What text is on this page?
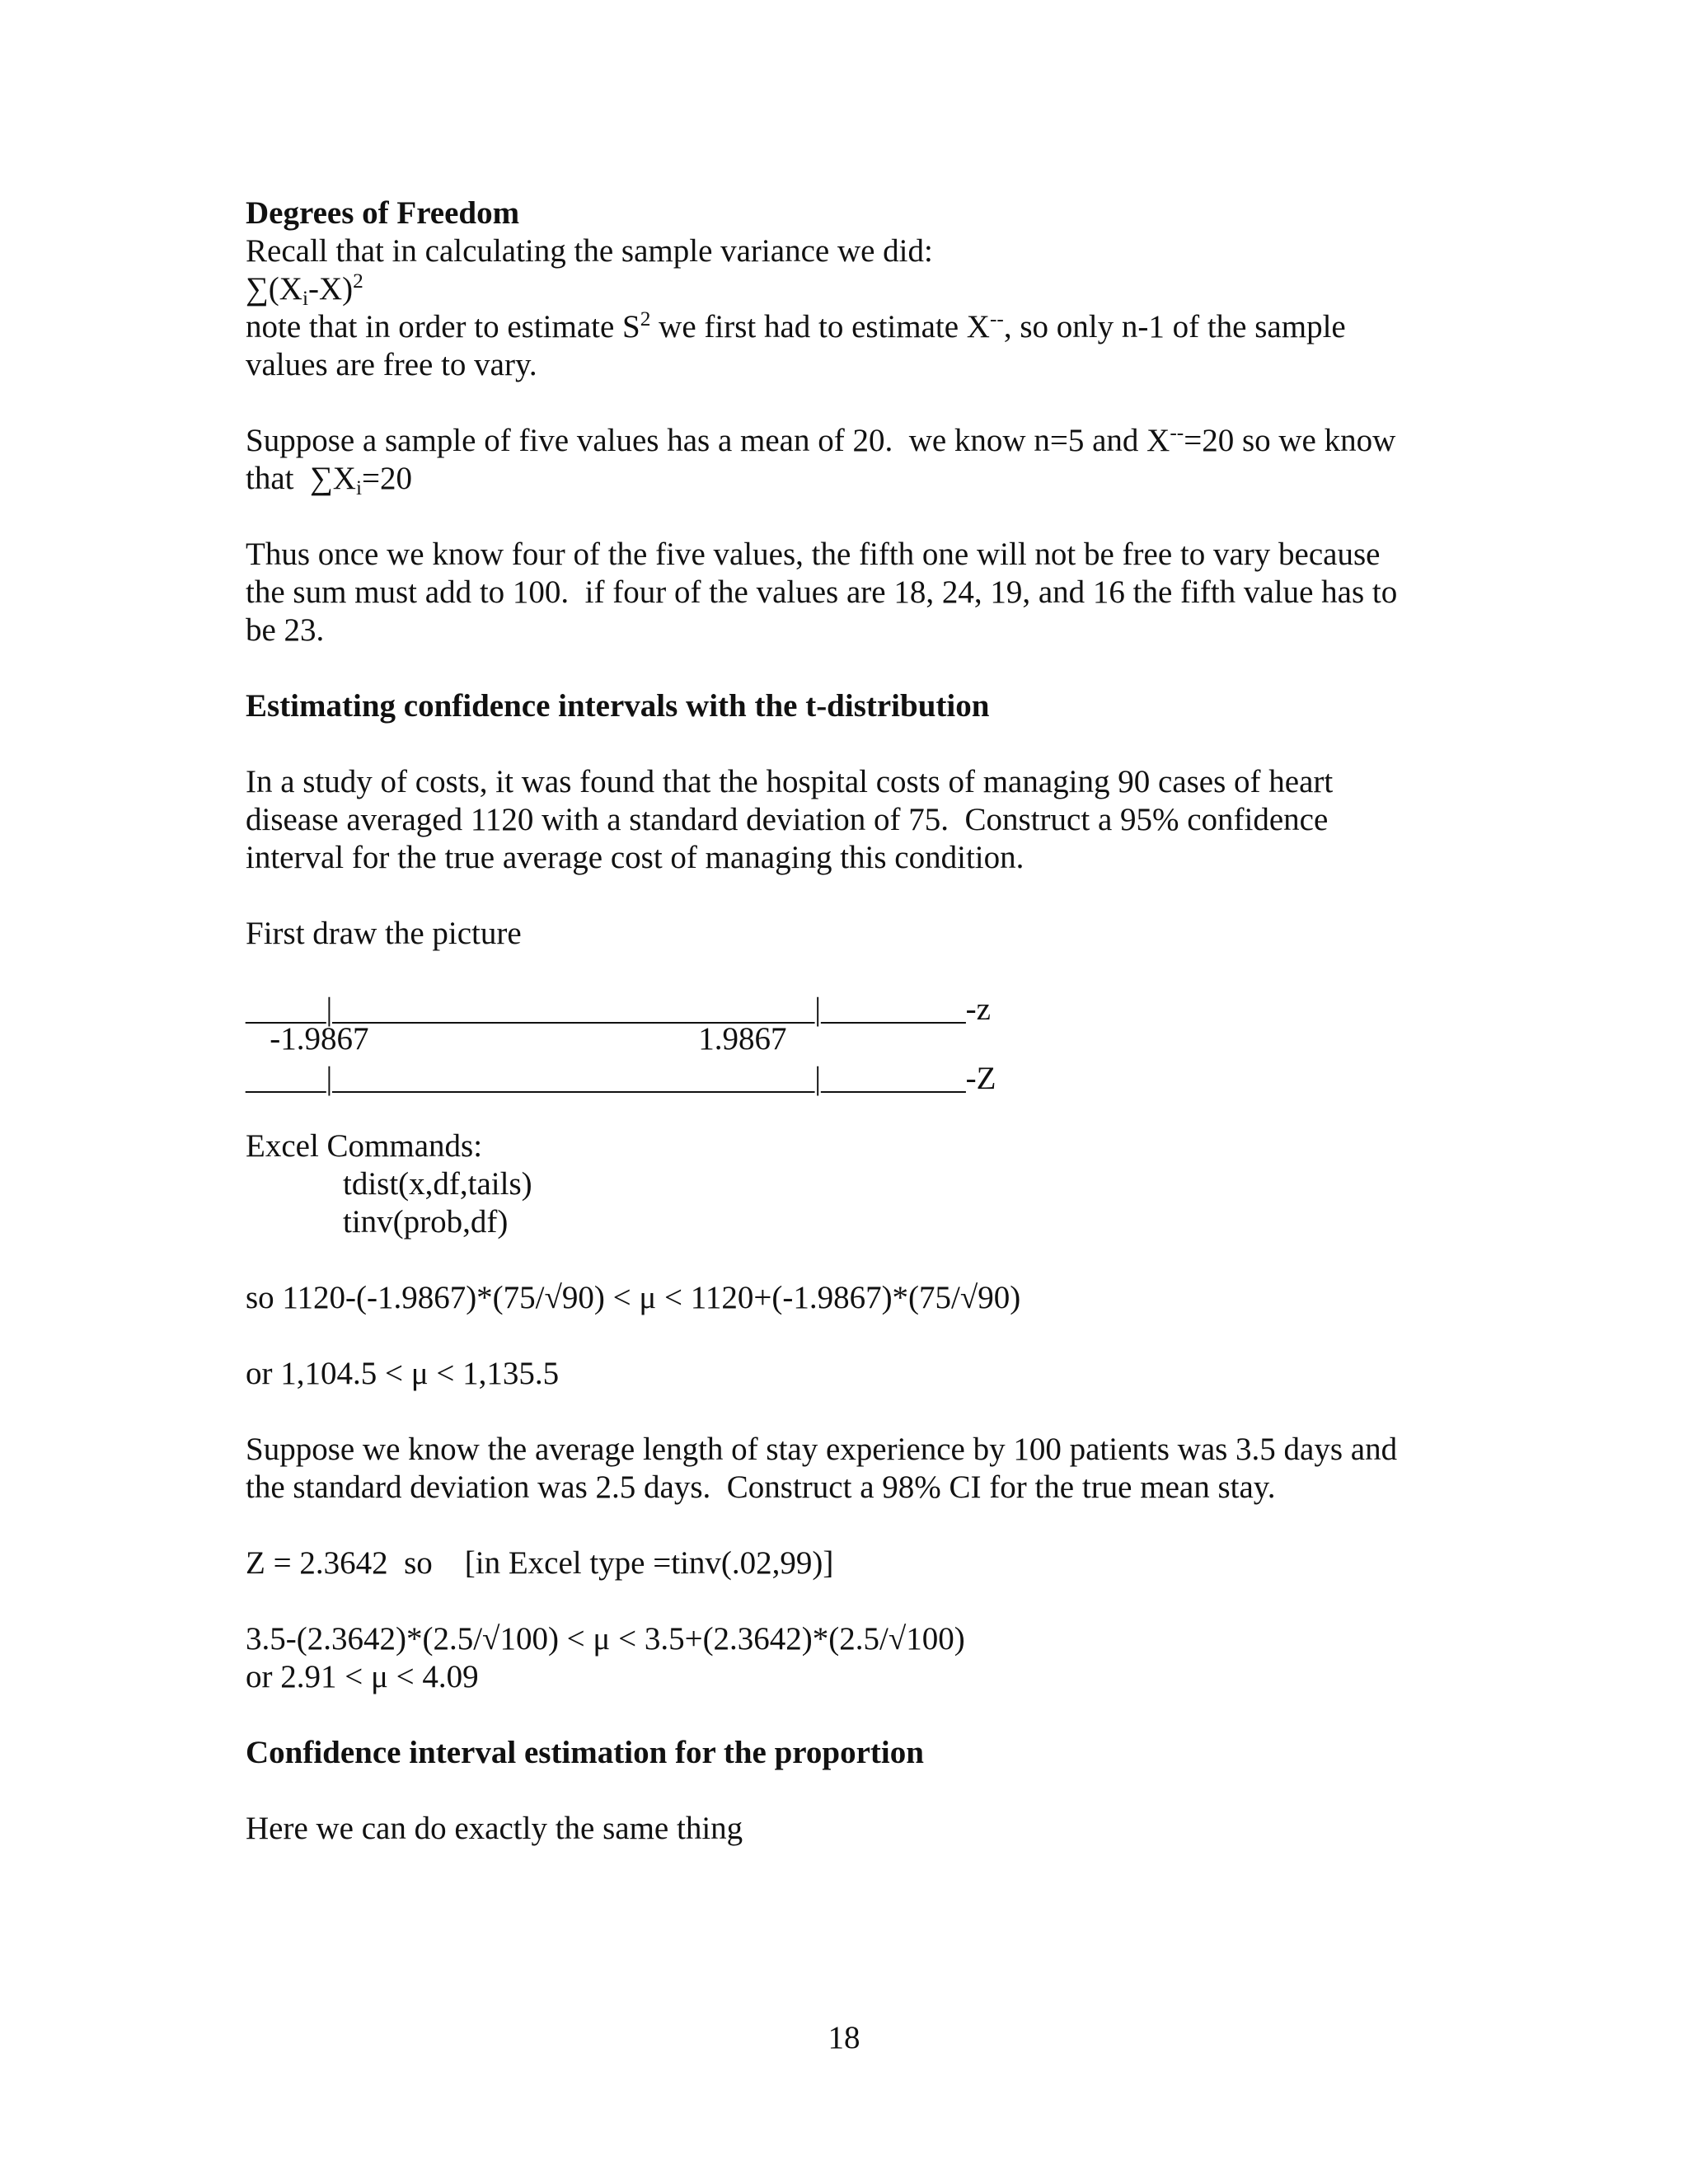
Degrees of Freedom
Recall that in calculating the sample variance we did:
$\sum(Xi-X)^2$
note that in order to estimate $S^2$ we first had to estimate X--, so only n-1 of the sample
values are free to vary.
Suppose a sample of five values has a mean of 20.  we know n=5 and X--=20 so we know
that  ∑Xi=20
Thus once we know four of the five values, the fifth one will not be free to vary because
the sum must add to 100.  if four of the values are 18, 24, 19, and 16 the fifth value has to
be 23.
Estimating confidence intervals with the t-distribution
In a study of costs, it was found that the hospital costs of managing 90 cases of heart
disease averaged 1120 with a standard deviation of 75.  Construct a 95% confidence
interval for the true average cost of managing this condition.
First draw the picture
_____|______________________________|_________-z
-1.9867                                         1.9867
_____|______________________________|_________-Z
Excel Commands:
tdist(x,df,tails)
tinv(prob,df)
so 1120-(-1.9867)*(75/√90) < μ < 1120+(-1.9867)*(75/√90)
or 1,104.5 < μ < 1,135.5
Suppose we know the average length of stay experience by 100 patients was 3.5 days and
the standard deviation was 2.5 days.  Construct a 98% CI for the true mean stay.
Z = 2.3642  so    [in Excel type =tinv(.02,99)]
3.5-(2.3642)*(2.5/√100) < μ < 3.5+(2.3642)*(2.5/√100)
or 2.91 < μ < 4.09
Confidence interval estimation for the proportion
Here we can do exactly the same thing
18
